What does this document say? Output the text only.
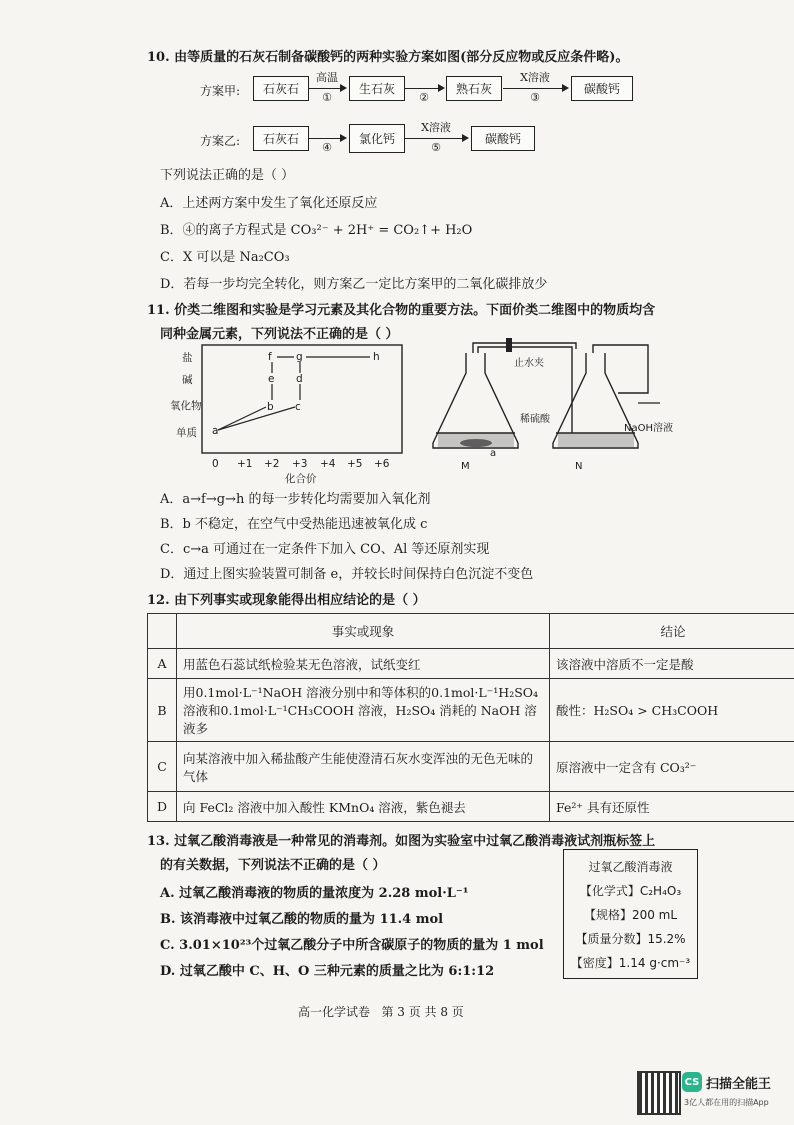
10. 由等质量的石灰石制备碳酸钙的两种实验方案如图(部分反应物或反应条件略)。
方案甲:	石灰石
高温
①
生石灰
②
熟石灰
X溶液
③
碳酸钙
方案乙:	石灰石
④
氯化钙
X溶液
⑤
碳酸钙
下列说法正确的是（ ）
A．上述两方案中发生了氧化还原反应
B．④的离子方程式是 CO₃²⁻ + 2H⁺ = CO₂↑+ H₂O
C．X 可以是 Na₂CO₃
D．若每一步均完全转化，则方案乙一定比方案甲的二氧化碳排放少
11. 价类二维图和实验是学习元素及其化合物的重要方法。下面价类二维图中的物质均含
同种金属元素，下列说法不正确的是（ ）
盐
碱
氧化物
单质
0 +1 +2 +3 +4 +5 +6
化合价
a
b c
d
e
f g	h
止水夹
稀硫酸
NaOH溶液
a
M	N
A．a→f→g→h 的每一步转化均需要加入氧化剂
B．b 不稳定，在空气中受热能迅速被氧化成 c
C．c→a 可通过在一定条件下加入 CO、Al 等还原剂实现
D．通过上图实验装置可制备 e，并较长时间保持白色沉淀不变色
12. 由下列事实或现象能得出相应结论的是（ ）
	事实或现象	结论
A	用蓝色石蕊试纸检验某无色溶液，试纸变红	该溶液中溶质不一定是酸
B	用0.1mol·L⁻¹NaOH 溶液分别中和等体积的0.1mol·L⁻¹H₂SO₄ 溶液和0.1mol·L⁻¹CH₃COOH 溶液，H₂SO₄ 消耗的 NaOH 溶液多	酸性：H₂SO₄ > CH₃COOH
C	向某溶液中加入稀盐酸产生能使澄清石灰水变浑浊的无色无味的气体	原溶液中一定含有 CO₃²⁻
D	向 FeCl₂ 溶液中加入酸性 KMnO₄ 溶液，紫色褪去	Fe²⁺ 具有还原性
13. 过氧乙酸消毒液是一种常见的消毒剂。如图为实验室中过氧乙酸消毒液试剂瓶标签上
的有关数据，下列说法不正确的是（ ）
A. 过氧乙酸消毒液的物质的量浓度为 2.28 mol·L⁻¹
B. 该消毒液中过氧乙酸的物质的量为 11.4 mol
C. 3.01×10²³个过氧乙酸分子中所含碳原子的物质的量为 1 mol
D. 过氧乙酸中 C、H、O 三种元素的质量之比为 6:1:12
过氧乙酸消毒液
【化学式】C₂H₄O₃
【规格】200 mL
【质量分数】15.2%
【密度】1.14 g·cm⁻³
高一化学试卷   第 3 页 共 8 页
CS 扫描全能王
3亿人都在用的扫描App
